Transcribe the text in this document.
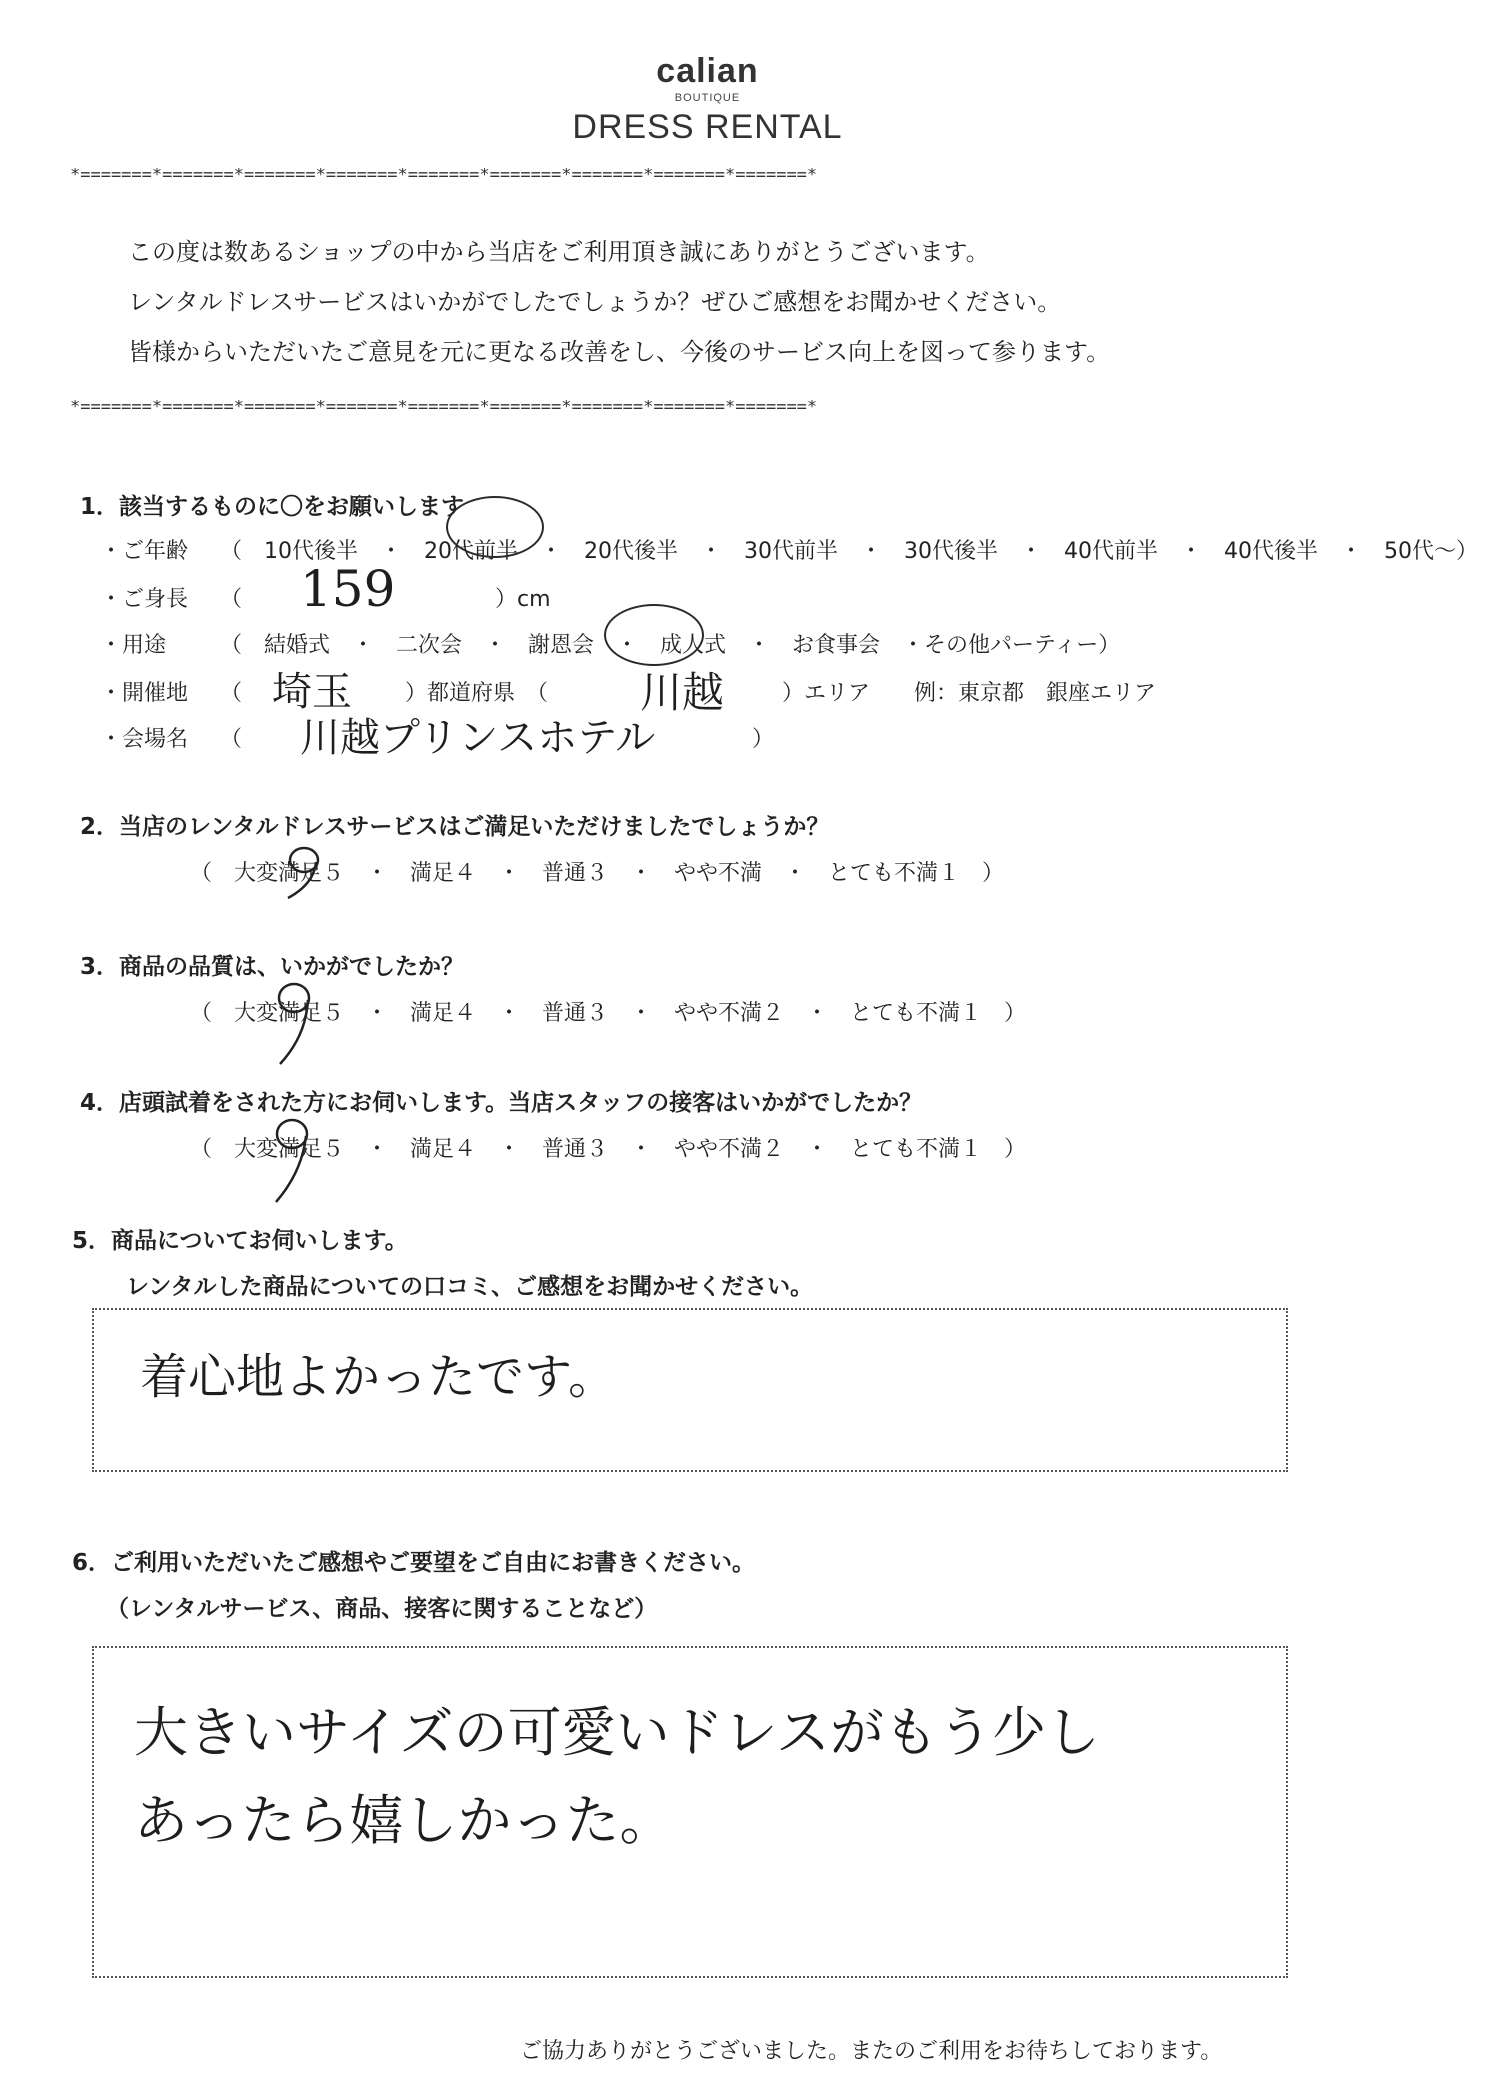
calian
BOUTIQUE
DRESS RENTAL
*=======*=======*=======*=======*=======*=======*=======*=======*=======*
この度は数あるショップの中から当店をご利用頂き誠にありがとうございます。
レンタルドレスサービスはいかがでしたでしょうか？ぜひご感想をお聞かせください。
皆様からいただいたご意見を元に更なる改善をし、今後のサービス向上を図って参ります。
*=======*=======*=======*=======*=======*=======*=======*=======*=======*
1．該当するものに〇をお願いします
・ご年齢 （　10代後半　・　20代前半　・　20代後半　・　30代前半　・　30代後半　・　40代前半　・　40代後半　・　50代～）
・ご身長 （ 159	）cm
・用途 （　結婚式　・　二次会　・　謝恩会　・　成人式　・　お食事会　・その他パーティー）
・開催地 （ 埼玉 ）都道府県　（ 川越	）エリア　　例：東京都　銀座エリア
・会場名 （ 川越プリンスホテル	）
2．当店のレンタルドレスサービスはご満足いただけましたでしょうか？
（　大変満足５　・　満足４　・　普通３　・　やや不満　・　とても不満１　）
3．商品の品質は、いかがでしたか？
（　大変満足５　・　満足４　・　普通３　・　やや不満２　・　とても不満１　）
4．店頭試着をされた方にお伺いします。当店スタッフの接客はいかがでしたか？
（　大変満足５　・　満足４　・　普通３　・　やや不満２　・　とても不満１　）
5．商品についてお伺いします。
レンタルした商品についての口コミ、ご感想をお聞かせください。
着心地よかったです。
6．ご利用いただいたご感想やご要望をご自由にお書きください。
（レンタルサービス、商品、接客に関することなど）
大きいサイズの可愛いドレスがもう少し
あったら嬉しかった。
ご協力ありがとうございました。またのご利用をお待ちしております。
